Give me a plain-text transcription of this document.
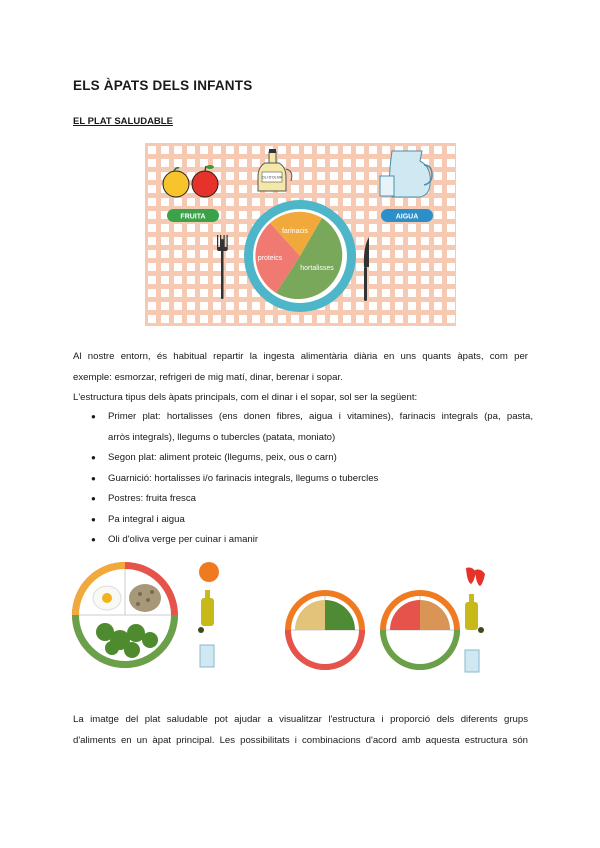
ELS ÀPATS DELS INFANTS
EL PLAT SALUDABLE
OLI D'OLIVA
FRUITA	AIGUA
farinacis
proteics
hortalisses
Al nostre entorn, és habitual repartir la ingesta alimentària diària en uns quants àpats, com per
exemple: esmorzar, refrigeri de mig matí, dinar, berenar i sopar.
L'estructura tipus dels àpats principals, com el dinar i el sopar, sol ser la següent:
● Primer plat: hortalisses (ens donen fibres, aigua i vitamines), farinacis integrals (pa, pasta,
arròs integrals), llegums o tubercles (patata, moniato)
● Segon plat: aliment proteic (llegums, peix, ous o carn)
● Guarnició: hortalisses i/o farinacis integrals, llegums o tubercles
● Postres: fruita fresca
● Pa integral i aigua
● Oli d'oliva verge per cuinar i amanir
La imatge del plat saludable pot ajudar a visualitzar l'estructura i proporció dels diferents grups
d'aliments en un àpat principal. Les possibilitats i combinacions d'acord amb aquesta estructura són
